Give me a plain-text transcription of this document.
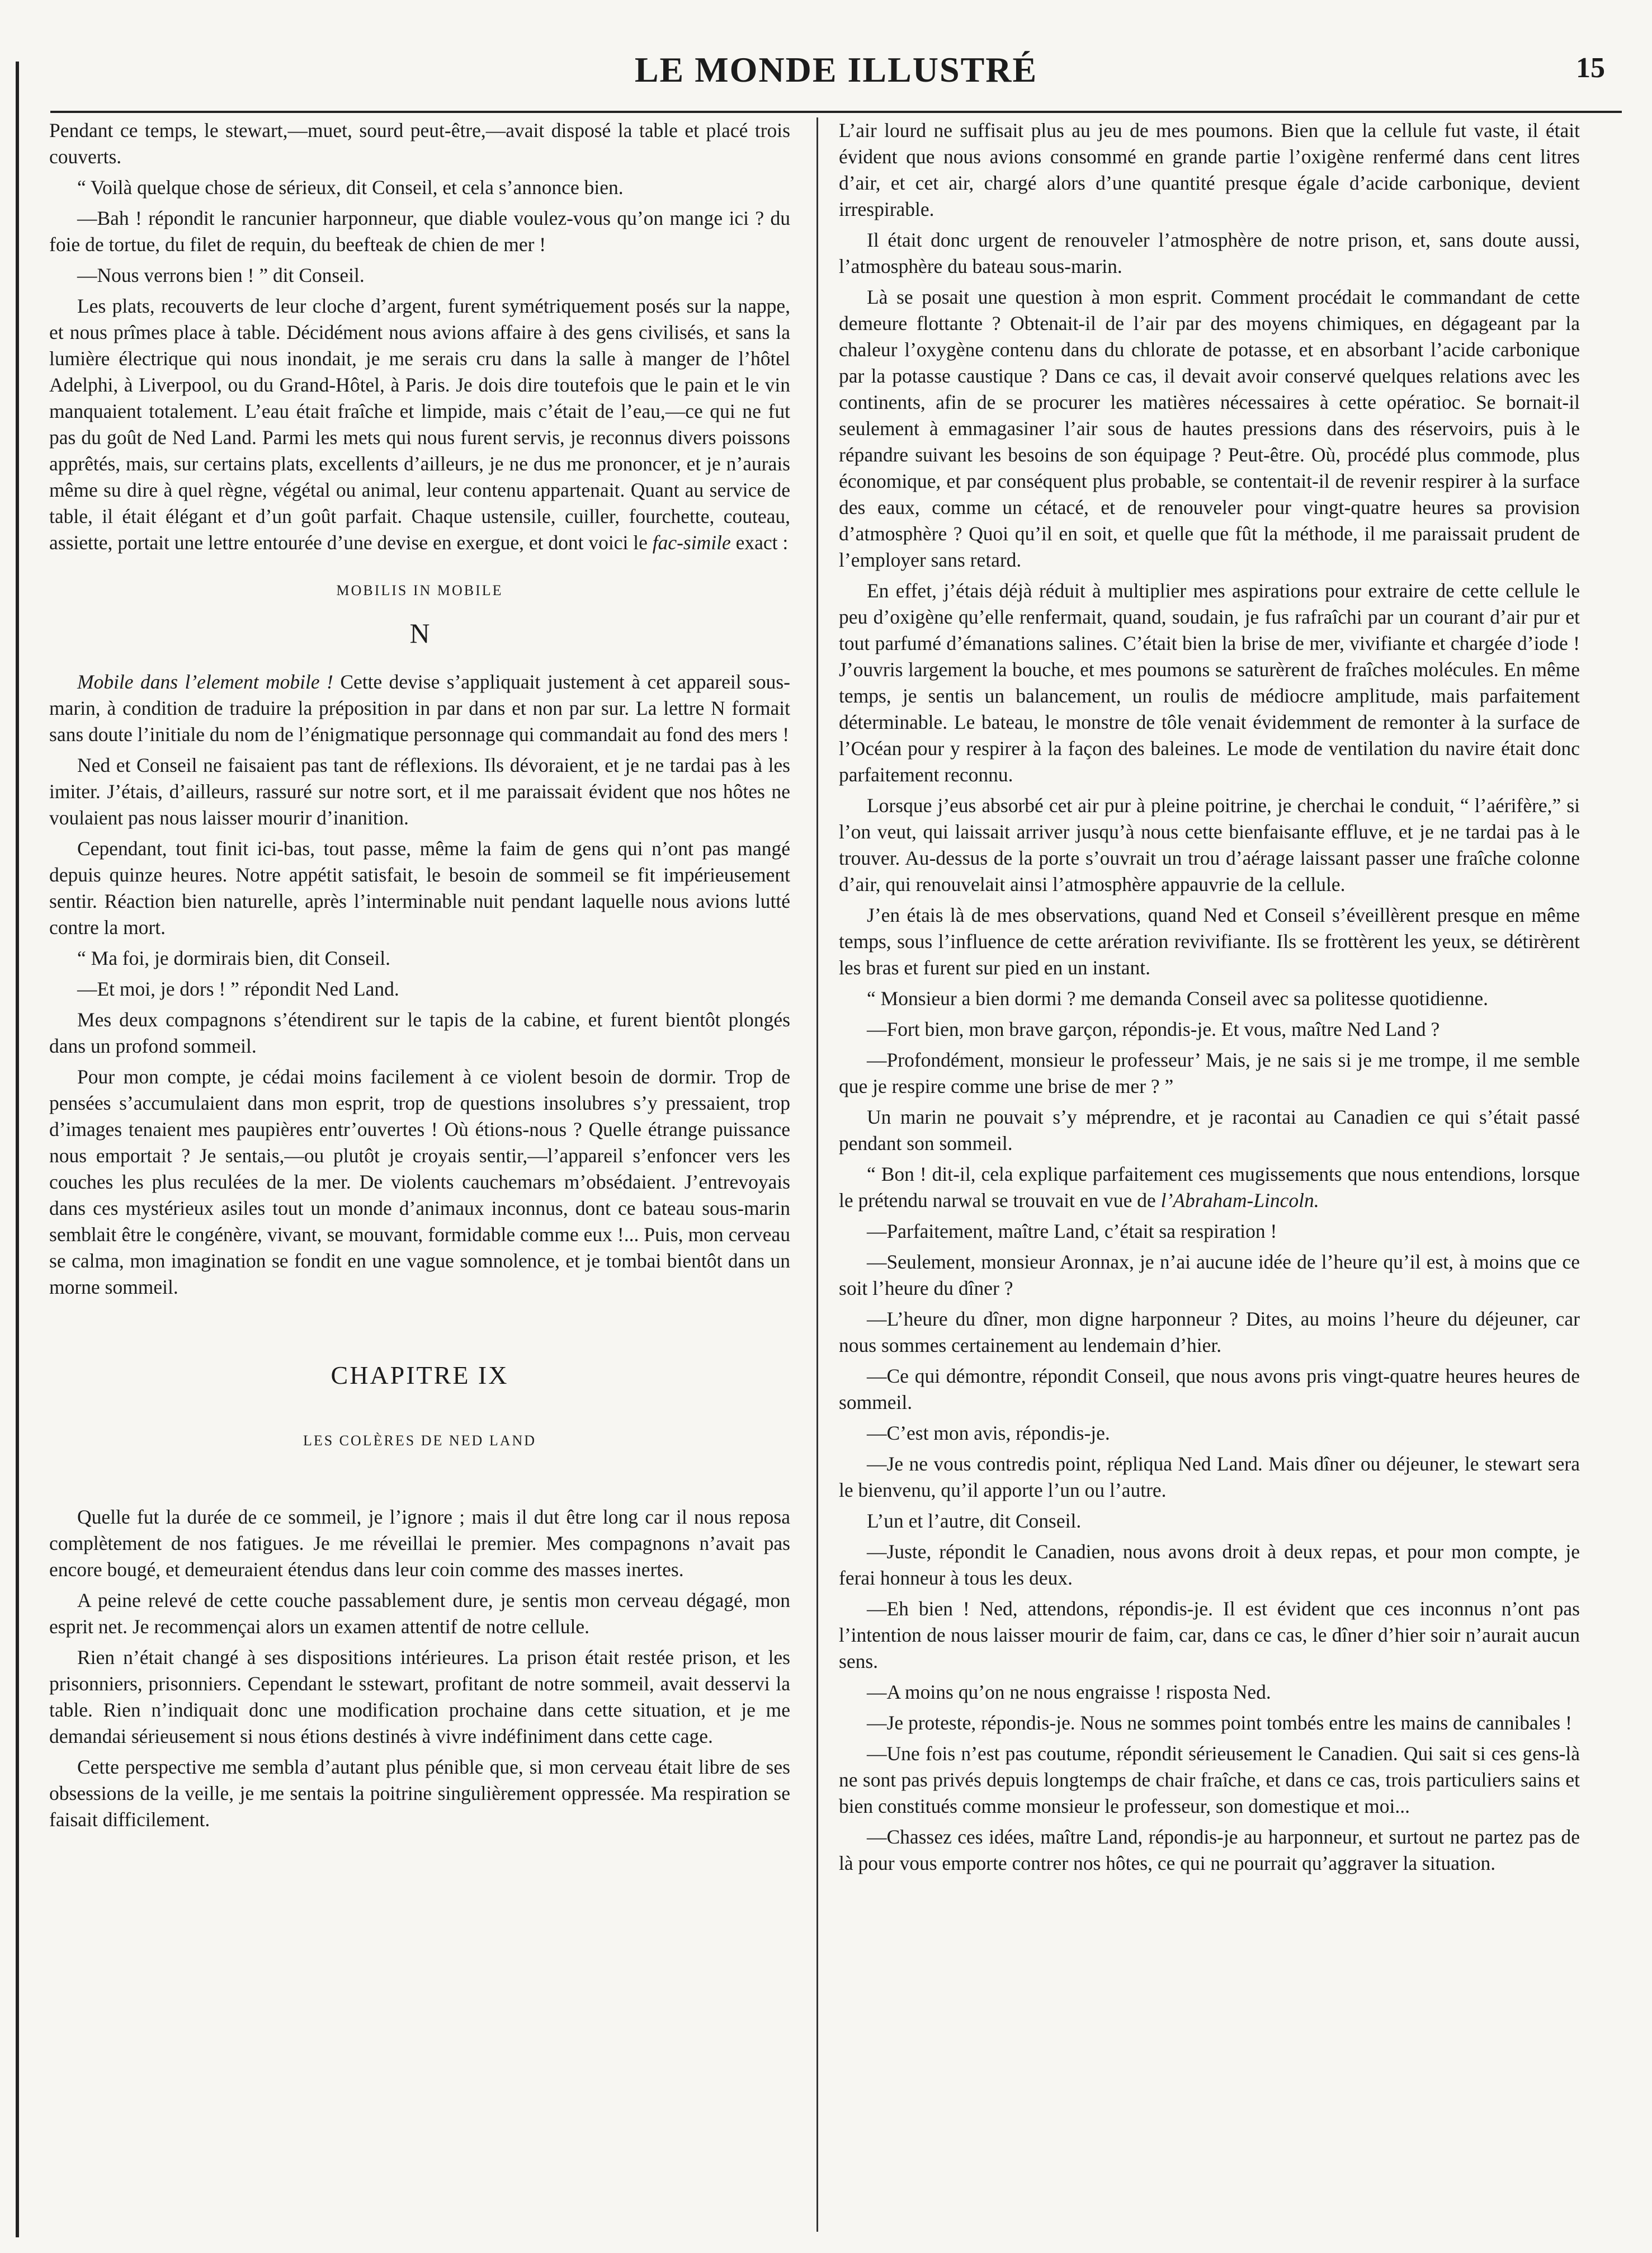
LE MONDE ILLUSTRÉ	15

Pendant ce temps, le stewart,—muet, sourd peut-être,—avait disposé la table et placé trois couverts.

“ Voilà quelque chose de sérieux, dit Conseil, et cela s’annonce bien.

—Bah ! répondit le rancunier harponneur, que diable voulez-vous qu’on mange ici ? du foie de tortue, du filet de requin, du beefteak de chien de mer !

—Nous verrons bien ! ” dit Conseil.

Les plats, recouverts de leur cloche d’argent, furent symétriquement posés sur la nappe, et nous prîmes place à table. Décidément nous avions affaire à des gens civilisés, et sans la lumière électrique qui nous inondait, je me serais cru dans la salle à manger de l’hôtel Adelphi, à Liverpool, ou du Grand-Hôtel, à Paris. Je dois dire toutefois que le pain et le vin manquaient totalement. L’eau était fraîche et limpide, mais c’était de l’eau,—ce qui ne fut pas du goût de Ned Land. Parmi les mets qui nous furent servis, je reconnus divers poissons apprêtés, mais, sur certains plats, excellents d’ailleurs, je ne dus me prononcer, et je n’aurais même su dire à quel règne, végétal ou animal, leur contenu appartenait. Quant au service de table, il était élégant et d’un goût parfait. Chaque ustensile, cuiller, fourchette, couteau, assiette, portait une lettre entourée d’une devise en exergue, et dont voici le fac-simile exact :

MOBILIS IN MOBILE

N

Mobile dans l’element mobile ! Cette devise s’appliquait justement à cet appareil sous-marin, à condition de traduire la préposition in par dans et non par sur. La lettre N formait sans doute l’initiale du nom de l’énigmatique personnage qui commandait au fond des mers !

Ned et Conseil ne faisaient pas tant de réflexions. Ils dévoraient, et je ne tardai pas à les imiter. J’étais, d’ailleurs, rassuré sur notre sort, et il me paraissait évident que nos hôtes ne voulaient pas nous laisser mourir d’inanition.

Cependant, tout finit ici-bas, tout passe, même la faim de gens qui n’ont pas mangé depuis quinze heures. Notre appétit satisfait, le besoin de sommeil se fit impérieusement sentir. Réaction bien naturelle, après l’interminable nuit pendant laquelle nous avions lutté contre la mort.

“ Ma foi, je dormirais bien, dit Conseil.

—Et moi, je dors ! ” répondit Ned Land.

Mes deux compagnons s’étendirent sur le tapis de la cabine, et furent bientôt plongés dans un profond sommeil.

Pour mon compte, je cédai moins facilement à ce violent besoin de dormir. Trop de pensées s’accumulaient dans mon esprit, trop de questions insolubres s’y pressaient, trop d’images tenaient mes paupières entr’ouvertes ! Où étions-nous ? Quelle étrange puissance nous emportait ? Je sentais,—ou plutôt je croyais sentir,—l’appareil s’enfoncer vers les couches les plus reculées de la mer. De violents cauchemars m’obsédaient. J’entrevoyais dans ces mystérieux asiles tout un monde d’animaux inconnus, dont ce bateau sous-marin semblait être le congénère, vivant, se mouvant, formidable comme eux !... Puis, mon cerveau se calma, mon imagination se fondit en une vague somnolence, et je tombai bientôt dans un morne sommeil.

CHAPITRE IX

LES COLÈRES DE NED LAND

Quelle fut la durée de ce sommeil, je l’ignore ; mais il dut être long car il nous reposa complètement de nos fatigues. Je me réveillai le premier. Mes compagnons n’avait pas encore bougé, et demeuraient étendus dans leur coin comme des masses inertes.

A peine relevé de cette couche passablement dure, je sentis mon cerveau dégagé, mon esprit net. Je recommençai alors un examen attentif de notre cellule.

Rien n’était changé à ses dispositions intérieures. La prison était restée prison, et les prisonniers, prisonniers. Cependant le sstewart, profitant de notre sommeil, avait desservi la table. Rien n’indiquait donc une modification prochaine dans cette situation, et je me demandai sérieusement si nous étions destinés à vivre indéfiniment dans cette cage.

Cette perspective me sembla d’autant plus pénible que, si mon cerveau était libre de ses obsessions de la veille, je me sentais la poitrine singulièrement oppressée. Ma respiration se faisait difficilement.

L’air lourd ne suffisait plus au jeu de mes poumons. Bien que la cellule fut vaste, il était évident que nous avions consommé en grande partie l’oxigène renfermé dans cent litres d’air, et cet air, chargé alors d’une quantité presque égale d’acide carbonique, devient irrespirable.

Il était donc urgent de renouveler l’atmosphère de notre prison, et, sans doute aussi, l’atmosphère du bateau sous-marin.

Là se posait une question à mon esprit. Comment procédait le commandant de cette demeure flottante ? Obtenait-il de l’air par des moyens chimiques, en dégageant par la chaleur l’oxygène contenu dans du chlorate de potasse, et en absorbant l’acide carbonique par la potasse caustique ? Dans ce cas, il devait avoir conservé quelques relations avec les continents, afin de se procurer les matières nécessaires à cette opératioc. Se bornait-il seulement à emmagasiner l’air sous de hautes pressions dans des réservoirs, puis à le répandre suivant les besoins de son équipage ? Peut-être. Où, procédé plus commode, plus économique, et par conséquent plus probable, se contentait-il de revenir respirer à la surface des eaux, comme un cétacé, et de renouveler pour vingt-quatre heures sa provision d’atmosphère ? Quoi qu’il en soit, et quelle que fût la méthode, il me paraissait prudent de l’employer sans retard.

En effet, j’étais déjà réduit à multiplier mes aspirations pour extraire de cette cellule le peu d’oxigène qu’elle renfermait, quand, soudain, je fus rafraîchi par un courant d’air pur et tout parfumé d’émanations salines. C’était bien la brise de mer, vivifiante et chargée d’iode ! J’ouvris largement la bouche, et mes poumons se saturèrent de fraîches molécules. En même temps, je sentis un balancement, un roulis de médiocre amplitude, mais parfaitement déterminable. Le bateau, le monstre de tôle venait évidemment de remonter à la surface de l’Océan pour y respirer à la façon des baleines. Le mode de ventilation du navire était donc parfaitement reconnu.

Lorsque j’eus absorbé cet air pur à pleine poitrine, je cherchai le conduit, “ l’aérifère,” si l’on veut, qui laissait arriver jusqu’à nous cette bienfaisante effluve, et je ne tardai pas à le trouver. Au-dessus de la porte s’ouvrait un trou d’aérage laissant passer une fraîche colonne d’air, qui renouvelait ainsi l’atmosphère appauvrie de la cellule.

J’en étais là de mes observations, quand Ned et Conseil s’éveillèrent presque en même temps, sous l’influence de cette arération revivifiante. Ils se frottèrent les yeux, se détirèrent les bras et furent sur pied en un instant.

“ Monsieur a bien dormi ? me demanda Conseil avec sa politesse quotidienne.

—Fort bien, mon brave garçon, répondis-je. Et vous, maître Ned Land ?

—Profondément, monsieur le professeur’ Mais, je ne sais si je me trompe, il me semble que je respire comme une brise de mer ? ”

Un marin ne pouvait s’y méprendre, et je racontai au Canadien ce qui s’était passé pendant son sommeil.

“ Bon ! dit-il, cela explique parfaitement ces mugissements que nous entendions, lorsque le prétendu narwal se trouvait en vue de l’Abraham-Lincoln.

—Parfaitement, maître Land, c’était sa respiration !

—Seulement, monsieur Aronnax, je n’ai aucune idée de l’heure qu’il est, à moins que ce soit l’heure du dîner ?

—L’heure du dîner, mon digne harponneur ? Dites, au moins l’heure du déjeuner, car nous sommes certainement au lendemain d’hier.

—Ce qui démontre, répondit Conseil, que nous avons pris vingt-quatre heures heures de sommeil.

—C’est mon avis, répondis-je.

—Je ne vous contredis point, répliqua Ned Land. Mais dîner ou déjeuner, le stewart sera le bienvenu, qu’il apporte l’un ou l’autre.

L’un et l’autre, dit Conseil.

—Juste, répondit le Canadien, nous avons droit à deux repas, et pour mon compte, je ferai honneur à tous les deux.

—Eh bien ! Ned, attendons, répondis-je. Il est évident que ces inconnus n’ont pas l’intention de nous laisser mourir de faim, car, dans ce cas, le dîner d’hier soir n’aurait aucun sens.

—A moins qu’on ne nous engraisse ! risposta Ned.

—Je proteste, répondis-je. Nous ne sommes point tombés entre les mains de cannibales !

—Une fois n’est pas coutume, répondit sérieusement le Canadien. Qui sait si ces gens-là ne sont pas privés depuis longtemps de chair fraîche, et dans ce cas, trois particuliers sains et bien constitués comme monsieur le professeur, son domestique et moi...

—Chassez ces idées, maître Land, répondis-je au harponneur, et surtout ne partez pas de là pour vous emporte contrer nos hôtes, ce qui ne pourrait qu’aggraver la situation.
